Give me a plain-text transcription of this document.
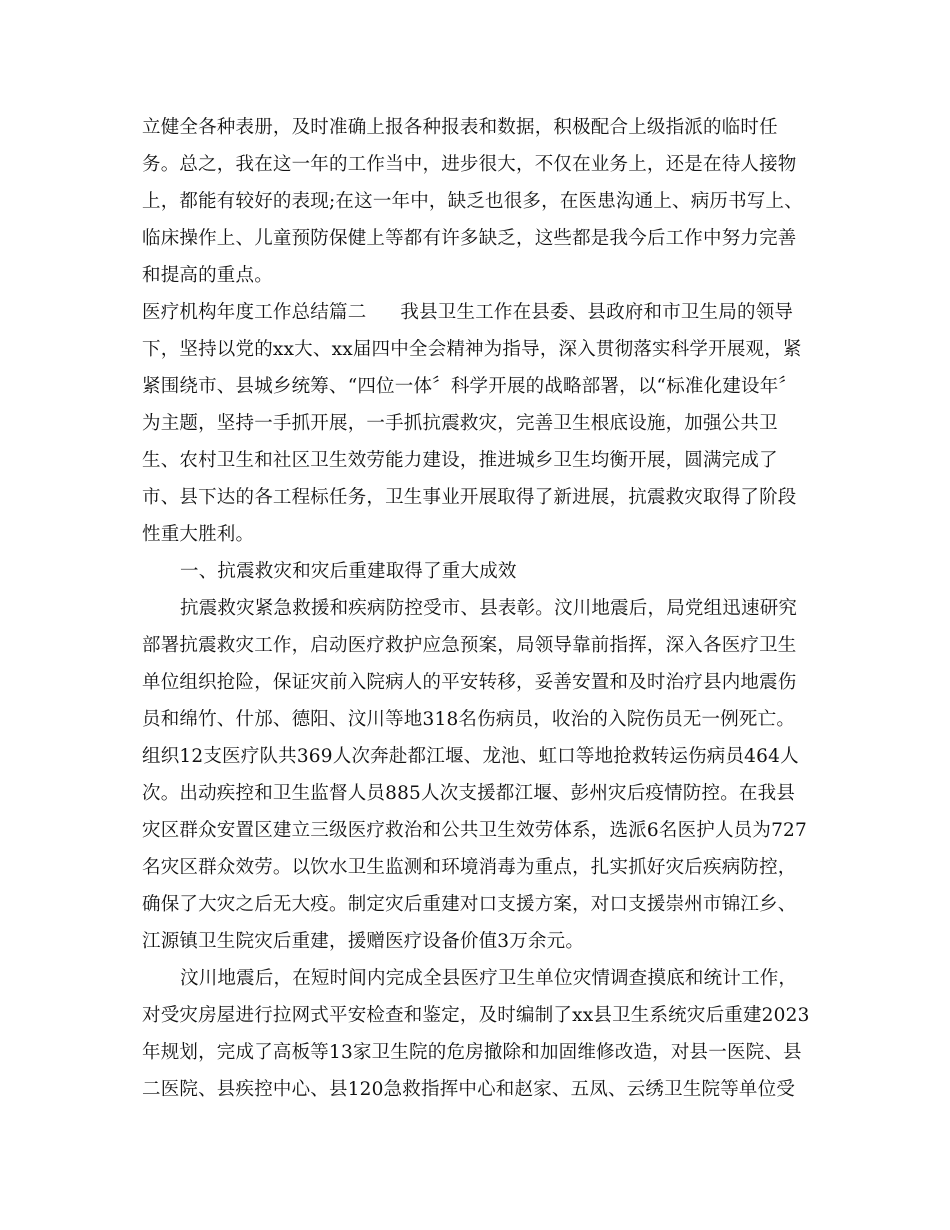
立健全各种表册，及时准确上报各种报表和数据，积极配合上级指派的临时任
务。总之，我在这一年的工作当中，进步很大，不仅在业务上，还是在待人接物
上，都能有较好的表现;在这一年中，缺乏也很多，在医患沟通上、病历书写上、
临床操作上、儿童预防保健上等都有许多缺乏，这些都是我今后工作中努力完善
和提高的重点。
医疗机构年度工作总结篇二 我县卫生工作在县委、县政府和市卫生局的领导
下，坚持以党的xx大、xx届四中全会精神为指导，深入贯彻落实科学开展观，紧
紧围绕市、县城乡统筹、“四位一体〞科学开展的战略部署，以“标准化建设年〞
为主题，坚持一手抓开展，一手抓抗震救灾，完善卫生根底设施，加强公共卫
生、农村卫生和社区卫生效劳能力建设，推进城乡卫生均衡开展，圆满完成了
市、县下达的各工程标任务，卫生事业开展取得了新进展，抗震救灾取得了阶段
性重大胜利。
一、抗震救灾和灾后重建取得了重大成效
抗震救灾紧急救援和疾病防控受市、县表彰。汶川地震后，局党组迅速研究
部署抗震救灾工作，启动医疗救护应急预案，局领导靠前指挥，深入各医疗卫生
单位组织抢险，保证灾前入院病人的平安转移，妥善安置和及时治疗县内地震伤
员和绵竹、什邡、德阳、汶川等地318名伤病员，收治的入院伤员无一例死亡。
组织12支医疗队共369人次奔赴都江堰、龙池、虹口等地抢救转运伤病员464人
次。出动疾控和卫生监督人员885人次支援都江堰、彭州灾后疫情防控。在我县
灾区群众安置区建立三级医疗救治和公共卫生效劳体系，选派6名医护人员为727
名灾区群众效劳。以饮水卫生监测和环境消毒为重点，扎实抓好灾后疾病防控，
确保了大灾之后无大疫。制定灾后重建对口支援方案，对口支援崇州市锦江乡、
江源镇卫生院灾后重建，援赠医疗设备价值3万余元。
汶川地震后，在短时间内完成全县医疗卫生单位灾情调查摸底和统计工作，
对受灾房屋进行拉网式平安检查和鉴定，及时编制了xx县卫生系统灾后重建2023
年规划，完成了高板等13家卫生院的危房撤除和加固维修改造，对县一医院、县
二医院、县疾控中心、县120急救指挥中心和赵家、五凤、云绣卫生院等单位受
